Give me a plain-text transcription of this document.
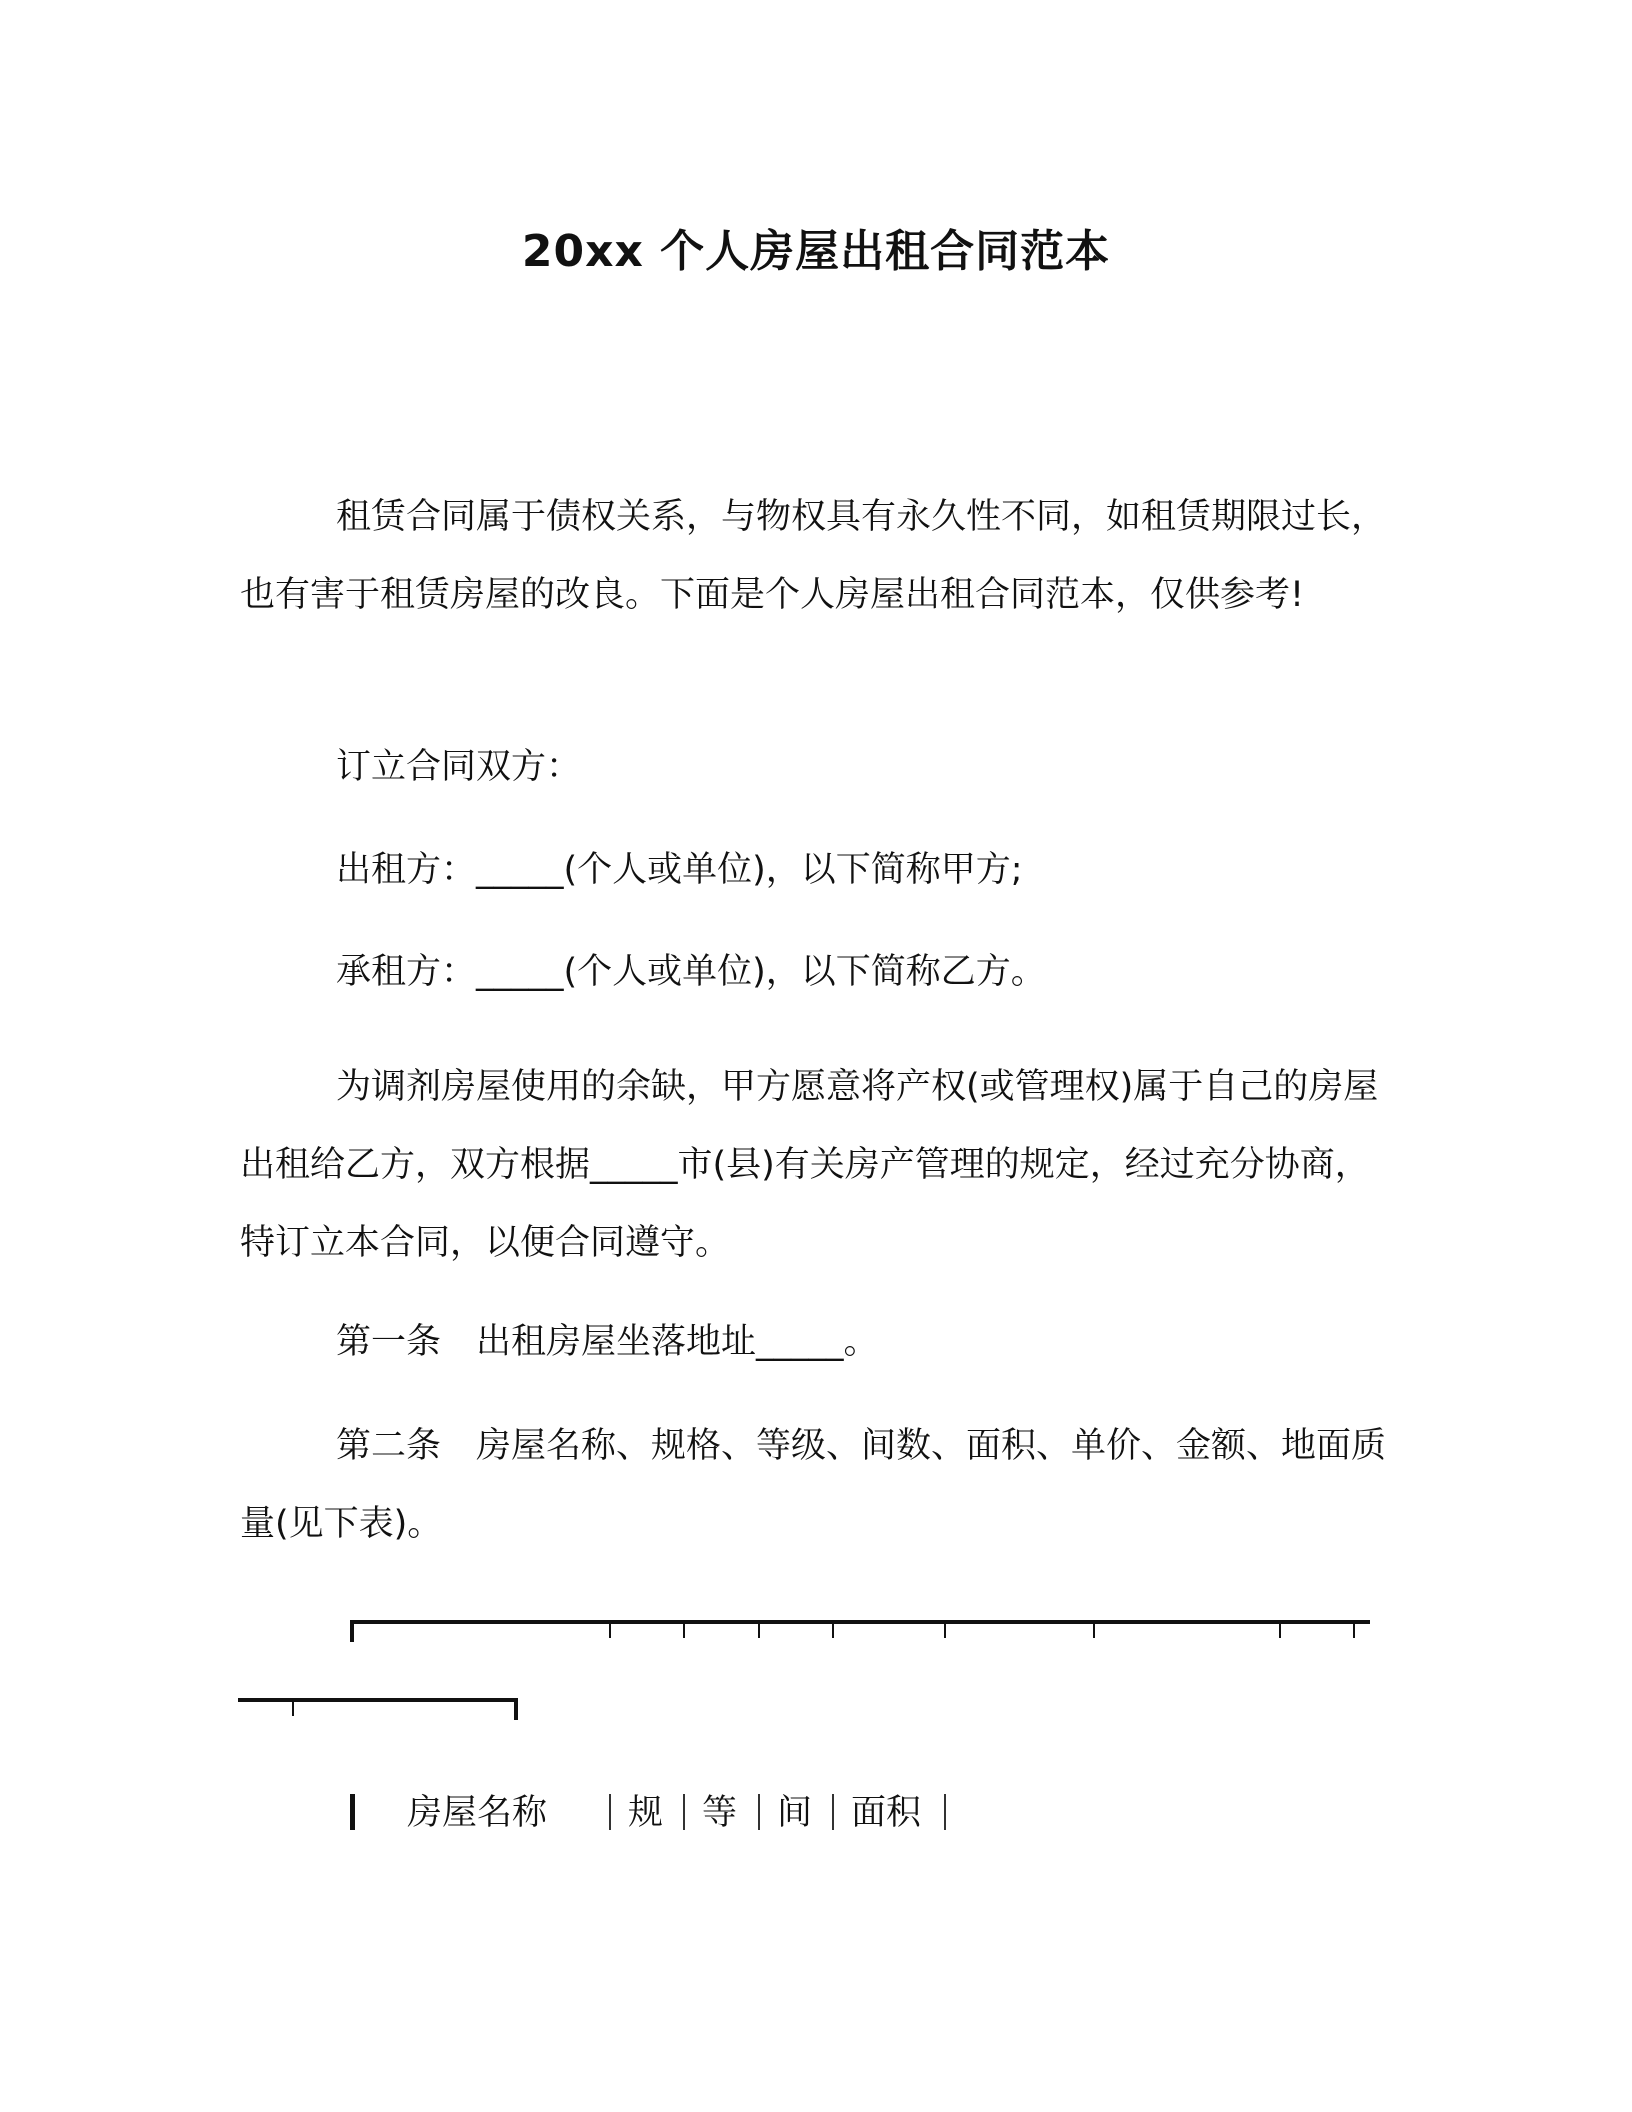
20xx 个人房屋出租合同范本

租赁合同属于债权关系，与物权具有永久性不同，如租赁期限过长，也有害于租赁房屋的改良。下面是个人房屋出租合同范本，仅供参考!

订立合同双方：

出租方：_____(个人或单位)，以下简称甲方;

承租方：_____(个人或单位)，以下简称乙方。

为调剂房屋使用的余缺，甲方愿意将产权(或管理权)属于自己的房屋出租给乙方，双方根据_____市(县)有关房产管理的规定，经过充分协商，特订立本合同，以便合同遵守。

第一条　出租房屋坐落地址_____。

第二条　房屋名称、规格、等级、间数、面积、单价、金额、地面质量(见下表)。

房屋名称 规 等 间 面积
